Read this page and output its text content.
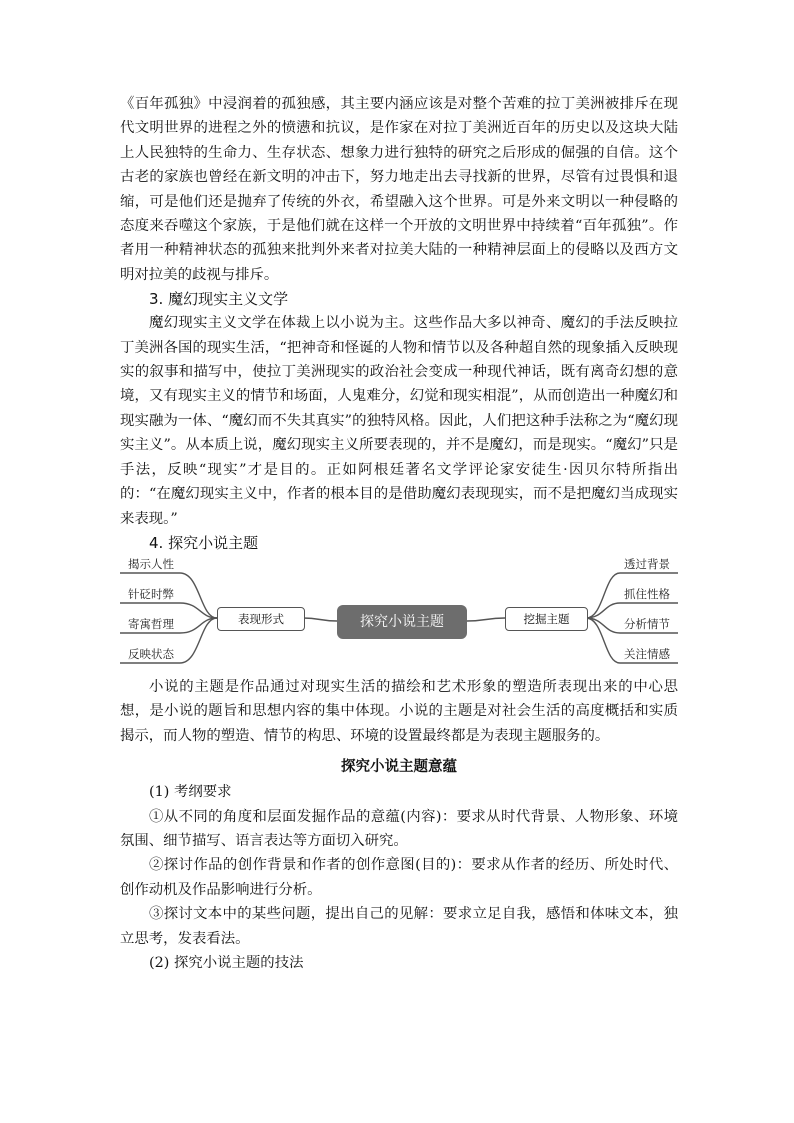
《百年孤独》中浸润着的孤独感，其主要内涵应该是对整个苦难的拉丁美洲被排斥在现代文明世界的进程之外的愤懑和抗议，是作家在对拉丁美洲近百年的历史以及这块大陆上人民独特的生命力、生存状态、想象力进行独特的研究之后形成的倔强的自信。这个古老的家族也曾经在新文明的冲击下，努力地走出去寻找新的世界，尽管有过畏惧和退缩，可是他们还是抛弃了传统的外衣，希望融入这个世界。可是外来文明以一种侵略的态度来吞噬这个家族，于是他们就在这样一个开放的文明世界中持续着“百年孤独”。作者用一种精神状态的孤独来批判外来者对拉美大陆的一种精神层面上的侵略以及西方文明对拉美的歧视与排斥。

3. 魔幻现实主义文学

魔幻现实主义文学在体裁上以小说为主。这些作品大多以神奇、魔幻的手法反映拉丁美洲各国的现实生活，“把神奇和怪诞的人物和情节以及各种超自然的现象插入反映现实的叙事和描写中，使拉丁美洲现实的政治社会变成一种现代神话，既有离奇幻想的意境，又有现实主义的情节和场面，人鬼难分，幻觉和现实相混”，从而创造出一种魔幻和现实融为一体、“魔幻而不失其真实”的独特风格。因此，人们把这种手法称之为“魔幻现实主义”。从本质上说，魔幻现实主义所要表现的，并不是魔幻，而是现实。“魔幻”只是手法，反映“现实”才是目的。正如阿根廷著名文学评论家安徒生·因贝尔特所指出的：“在魔幻现实主义中，作者的根本目的是借助魔幻表现现实，而不是把魔幻当成现实来表现。”

4. 探究小说主题
揭示人性
针砭时弊
寄寓哲理
反映状态
表现形式	探究小说主题	挖掘主题
透过背景
抓住性格
分析情节
关注情感

小说的主题是作品通过对现实生活的描绘和艺术形象的塑造所表现出来的中心思想，是小说的题旨和思想内容的集中体现。小说的主题是对社会生活的高度概括和实质揭示，而人物的塑造、情节的构思、环境的设置最终都是为表现主题服务的。

探究小说主题意蕴

(1) 考纲要求

①从不同的角度和层面发掘作品的意蕴(内容)：要求从时代背景、人物形象、环境氛围、细节描写、语言表达等方面切入研究。

②探讨作品的创作背景和作者的创作意图(目的)：要求从作者的经历、所处时代、创作动机及作品影响进行分析。

③探讨文本中的某些问题，提出自己的见解：要求立足自我，感悟和体味文本，独立思考，发表看法。

(2) 探究小说主题的技法
